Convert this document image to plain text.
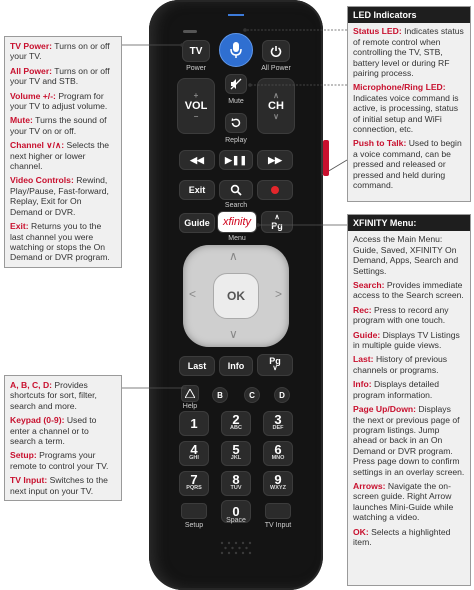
TV Power: Turns on or off your TV.
All Power: Turns on or off your TV and STB.
Volume +/-: Program for your TV to adjust volume.
Mute: Turns the sound of your TV on or off.
Channel ∨/∧: Selects the next higher or lower channel.
Video Controls: Rewind, Play/Pause, Fast-forward, Replay, Exit for On Demand or DVR.
Exit: Returns you to the last channel you were watching or stops the On Demand or DVR program.
A, B, C, D: Provides shortcuts for sort, filter, search and more.
Keypad (0-9): Used to enter a channel or to search a term.
Setup: Programs your remote to control your TV.
TV Input: Switches to the next input on your TV.
LED Indicators
Status LED: Indicates status of remote control when controlling the TV, STB, battery level or during RF pairing process.
Microphone/Ring LED: Indicates voice command is active, is processing, status of initial setup and WiFi connection, etc.
Push to Talk: Used to begin a voice command, can be pressed and released or pressed and held during command.
XFINITY Menu:
Access the Main Menu: Guide, Saved, XFINITY On Demand, Apps, Search and Settings.
Search: Provides immediate access to the Search screen.
Rec: Press to record any program with one touch.
Guide: Displays TV Listings in multiple guide views.
Last: History of previous channels or programs.
Info: Displays detailed program information.
Page Up/Down: Displays the next or previous page of program listings. Jump ahead or back in an On Demand or DVR program. Press page down to confirm settings in an overlay screen.
Arrows: Navigate the on-screen guide. Right Arrow launches Mini-Guide while watching a video.
OK: Selects a highlighted item.
TV
Power	All Power
+
VOL
−
Mute
∧
CH
∨
Replay
◀◀ ▶❚❚ ▶▶
Exit
Search
Guide xfinity
Menu
∧
Pg
∧
∨
<	>
OK
Last Info	Pg
∨
Help
B	C	D
1	2
ABC
3
DEF
4
GHI
5
JKL
6
MNO
7
PQRS
8
TUV
9
WXYZ
Setup
0
Space
TV Input
